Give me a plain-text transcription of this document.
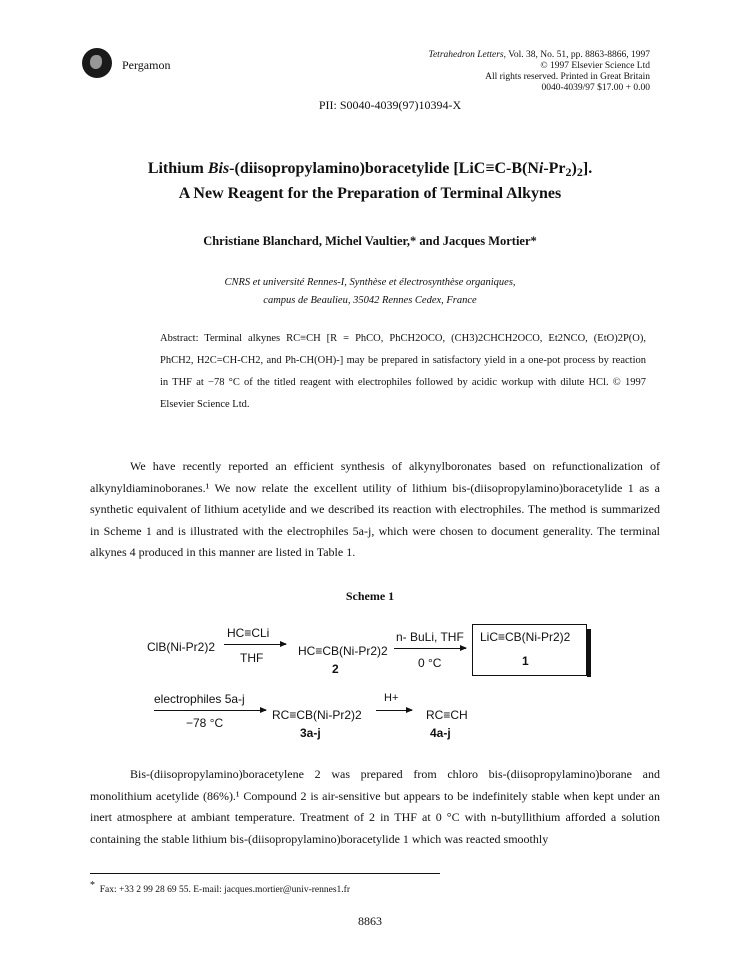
Pergamon
Tetrahedron Letters, Vol. 38, No. 51, pp. 8863-8866, 1997
© 1997 Elsevier Science Ltd
All rights reserved. Printed in Great Britain
0040-4039/97 $17.00 + 0.00
PII: S0040-4039(97)10394-X
Lithium Bis-(diisopropylamino)boracetylide $[LiC\equiv C-B(Ni-Pr_2)_2]$.
A New Reagent for the Preparation of Terminal Alkynes
Christiane Blanchard, Michel Vaultier,* and Jacques Mortier*
CNRS et université Rennes-I, Synthèse et électrosynthèse organiques,
campus de Beaulieu, 35042 Rennes Cedex, France
Abstract: Terminal alkynes RC≡CH [R = PhCO, PhCH2OCO, (CH3)2CHCH2OCO, Et2NCO, (EtO)2P(O), PhCH2, H2C=CH-CH2, and Ph-CH(OH)-] may be prepared in satisfactory yield in a one-pot process by reaction in THF at −78 °C of the titled reagent with electrophiles followed by acidic workup with dilute HCl. © 1997 Elsevier Science Ltd.

We have recently reported an efficient synthesis of alkynylboronates based on refunctionalization of alkynyldiaminoboranes.¹ We now relate the excellent utility of lithium bis-(diisopropylamino)boracetylide 1 as a synthetic equivalent of lithium acetylide and we described its reaction with electrophiles. The method is summarized in Scheme 1 and is illustrated with the electrophiles 5a-j, which were chosen to document generality. The terminal alkynes 4 produced in this manner are listed in Table 1.

Scheme 1
ClB(Ni-Pr2)2
HC≡CLi
THF	HC≡CB(Ni-Pr2)2
2
n- BuLi, THF
0 °C
LiC≡CB(Ni-Pr2)2
1
electrophiles 5a-j
−78 °C
RC≡CB(Ni-Pr2)2
3a-j
H+
→ RC≡CH
4a-j

Bis-(diisopropylamino)boracetylene 2 was prepared from chloro bis-(diisopropylamino)borane and monolithium acetylide (86%).¹ Compound 2 is air-sensitive but appears to be indefinitely stable when kept under an inert atmosphere at ambiant temperature. Treatment of 2 in THF at 0 °C with n-butyllithium afforded a solution containing the stable lithium bis-(diisopropylamino)boracetylide 1 which was reacted smoothly

* Fax: +33 2 99 28 69 55. E-mail: jacques.mortier@univ-rennes1.fr
8863
